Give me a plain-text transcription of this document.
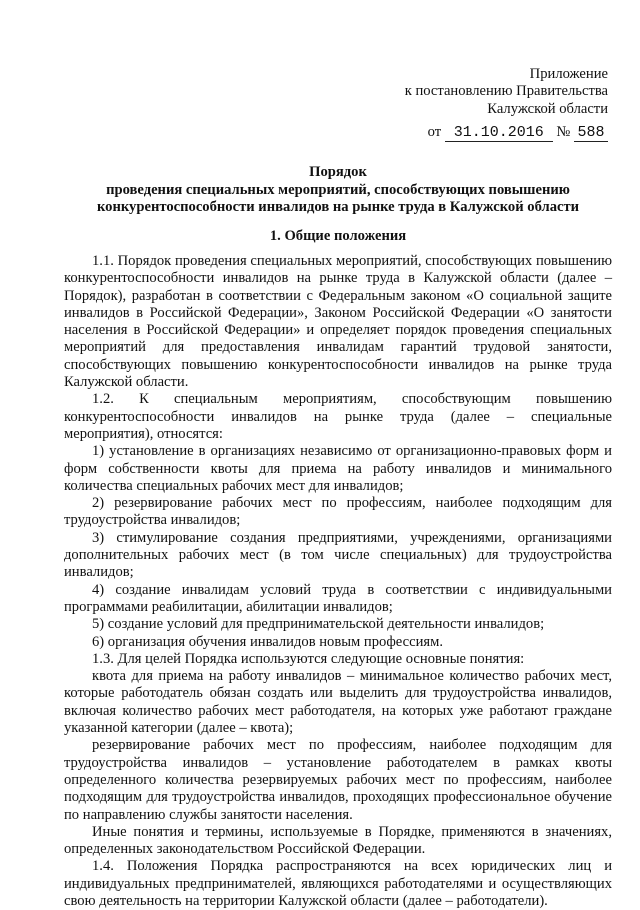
Приложение
к постановлению Правительства
Калужской области
от 31.10.2016 № 588
Порядок
проведения специальных мероприятий, способствующих повышению
конкурентоспособности инвалидов на рынке труда в Калужской области
1. Общие положения

1.1. Порядок проведения специальных мероприятий, способствующих повышению конкурентоспособности инвалидов на рынке труда в Калужской области (далее – Порядок), разработан в соответствии с Федеральным законом «О социальной защите инвалидов в Российской Федерации», Законом Российской Федерации «О занятости населения в Российской Федерации» и определяет порядок проведения специальных мероприятий для предоставления инвалидам гарантий трудовой занятости, способствующих повышению конкурентоспособности инвалидов на рынке труда Калужской области.

1.2. К специальным мероприятиям, способствующим повышению конкурентоспособности инвалидов на рынке труда (далее – специальные мероприятия), относятся:

1) установление в организациях независимо от организационно-правовых форм и форм собственности квоты для приема на работу инвалидов и минимального количества специальных рабочих мест для инвалидов;

2) резервирование рабочих мест по профессиям, наиболее подходящим для трудоустройства инвалидов;

3) стимулирование создания предприятиями, учреждениями, организациями дополнительных рабочих мест (в том числе специальных) для трудоустройства инвалидов;

4) создание инвалидам условий труда в соответствии с индивидуальными программами реабилитации, абилитации инвалидов;

5) создание условий для предпринимательской деятельности инвалидов;

6) организация обучения инвалидов новым профессиям.

1.3. Для целей Порядка используются следующие основные понятия:

квота для приема на работу инвалидов – минимальное количество рабочих мест, которые работодатель обязан создать или выделить для трудоустройства инвалидов, включая количество рабочих мест работодателя, на которых уже работают граждане указанной категории (далее – квота);

резервирование рабочих мест по профессиям, наиболее подходящим для трудоустройства инвалидов – установление работодателем в рамках квоты определенного количества резервируемых рабочих мест по профессиям, наиболее подходящим для трудоустройства инвалидов, проходящих профессиональное обучение по направлению службы занятости населения.

Иные понятия и термины, используемые в Порядке, применяются в значениях, определенных законодательством Российской Федерации.

1.4. Положения Порядка распространяются на всех юридических лиц и индивидуальных предпринимателей, являющихся работодателями и осуществляющих свою деятельность на территории Калужской области (далее – работодатели).
